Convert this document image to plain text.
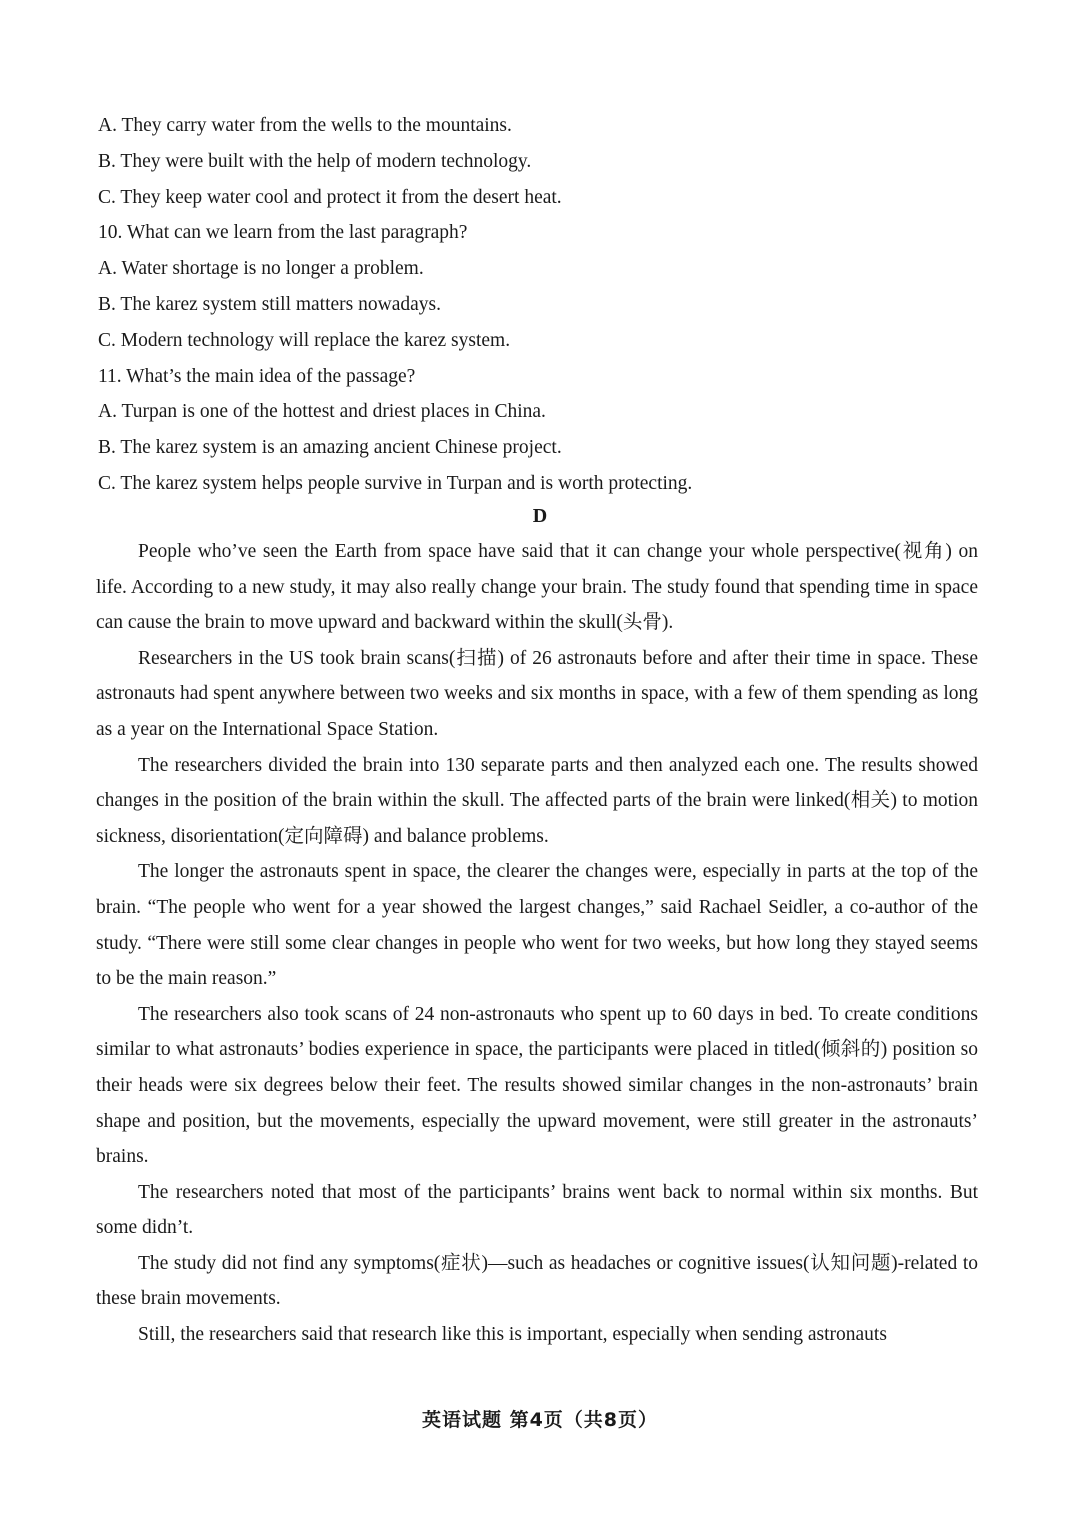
A. They carry water from the wells to the mountains.
B. They were built with the help of modern technology.
C. They keep water cool and protect it from the desert heat.
10. What can we learn from the last paragraph?
A. Water shortage is no longer a problem.
B. The karez system still matters nowadays.
C. Modern technology will replace the karez system.
11. What’s the main idea of the passage?
A. Turpan is one of the hottest and driest places in China.
B. The karez system is an amazing ancient Chinese project.
C. The karez system helps people survive in Turpan and is worth protecting.
D

People who’ve seen the Earth from space have said that it can change your whole perspective(视角) on life. According to a new study, it may also really change your brain. The study found that spending time in space can cause the brain to move upward and backward within the skull(头骨).

Researchers in the US took brain scans(扫描) of 26 astronauts before and after their time in space. These astronauts had spent anywhere between two weeks and six months in space, with a few of them spending as long as a year on the International Space Station.

The researchers divided the brain into 130 separate parts and then analyzed each one. The results showed changes in the position of the brain within the skull. The affected parts of the brain were linked(相关) to motion sickness, disorientation(定向障碍) and balance problems.

The longer the astronauts spent in space, the clearer the changes were, especially in parts at the top of the brain. “The people who went for a year showed the largest changes,” said Rachael Seidler, a co-author of the study. “There were still some clear changes in people who went for two weeks, but how long they stayed seems to be the main reason.”

The researchers also took scans of 24 non-astronauts who spent up to 60 days in bed. To create conditions similar to what astronauts’ bodies experience in space, the participants were placed in titled(倾斜的) position so their heads were six degrees below their feet. The results showed similar changes in the non-astronauts’ brain shape and position, but the movements, especially the upward movement, were still greater in the astronauts’ brains.

The researchers noted that most of the participants’ brains went back to normal within six months. But some didn’t.

The study did not find any symptoms(症状)—such as headaches or cognitive issues(认知问题)-related to these brain movements.

Still, the researchers said that research like this is important, especially when sending astronauts

英语试题 第4页（共8页）
